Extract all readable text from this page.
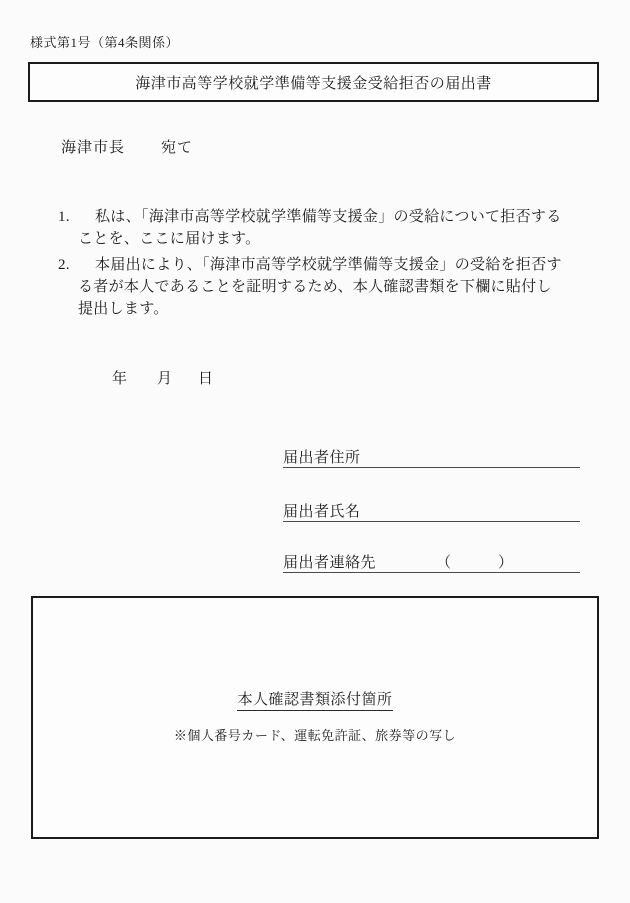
様式第1号（第4条関係）
海津市高等学校就学準備等支援金受給拒否の届出書
海津市長 宛て
1.	私は、「海津市高等学校就学準備等支援金」の受給について拒否する
ことを、ここに届けます。
2.	本届出により、「海津市高等学校就学準備等支援金」の受給を拒否す
る者が本人であることを証明するため、本人確認書類を下欄に貼付し
提出します。
年 月 日
届出者住所
届出者氏名
届出者連絡先	（　　　）
本人確認書類添付箇所
※個人番号カード、運転免許証、旅券等の写し
